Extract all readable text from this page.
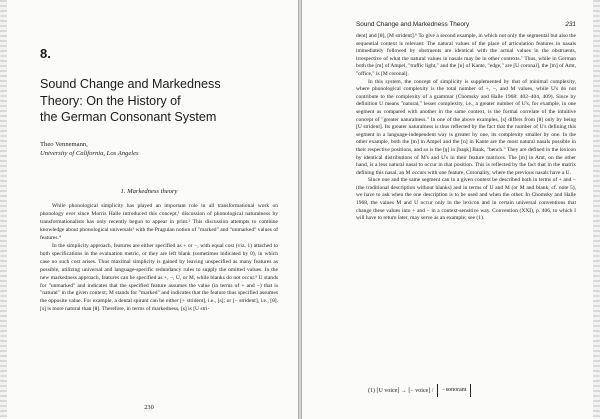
8.
Sound Change and Markedness
Theory: On the History of
the German Consonant System
Theo Vennemann,
University of California, Los Angeles
1. Markedness theory

While phonological simplicity has played an important role in all transformational work on phonology ever since Morris Halle introduced this concept,¹ discussion of phonological naturalness by transformationalists has only recently begun to appear in print.² This discussion attempts to combine knowledge about phonological universals³ with the Praguian notion of "marked" and "unmarked" values of features.⁴

In the simplicity approach, features are either specified as + or −, with equal cost (viz. 1) attached to both specifications in the evaluation metric, or they are left blank (sometimes indicated by 0), in which case no such cost arises. Thus maximal simplicity is gained by leaving unspecified as many features as possible, utilizing universal and language-specific redundancy rules to supply the omitted values. In the new markedness approach, features can be specified as +, −, U, or M, while blanks do not occur.⁵ U stands for "unmarked" and indicates that the specified feature assumes the value (in terms of + and −) that is "natural" in the given context; M stands for "marked" and indicates that the feature thus specified assumes the opposite value. For example, a dental spirant can be either [+ strident], i.e., [s]; or [− strident], i.e., [θ]. [s] is more natural than [θ]. Therefore, in terms of markedness, [s] is [U stri-

230
Sound Change and Markedness Theory	231

dent] and [θ], [M strident].⁶ To give a second example, in which not only the segmental but also the sequential context is relevant: The natural values of the place of articulation features in nasals immediately followed by obstruents are identical with the actual values in the obstruents, irrespective of what the natural values in nasals may be in other contexts.⁷ Thus, while in German both the [m] of Ampel, "traffic light," and the [n] of Kante, "edge," are [U coronal], the [m] of Amt, "office," is [M coronal].

In this system, the concept of simplicity is supplemented by that of minimal complexity, where phonological complexity is the total number of +, −, and M values, while U's do not contribute to the complexity of a grammar (Chomsky and Halle 1968: 402–404, 409). Since by definition U means "natural," lesser complexity, i.e., a greater number of U's, for example, in one segment as compared with another in the same context, is the formal correlate of the intuitive concept of "greater naturalness." In one of the above examples, [s] differs from [θ] only by being [U strident]. Its greater naturalness is thus reflected by the fact that the number of U's defining this segment in a language-independent way is greater by one, its complexity smaller by one. In the other example, both the [m] in Ampel and the [n] in Kante are the most natural nasals possible in their respective positions, and so is the [ŋ] in [baŋk] Bank, "bench." They are defined in the lexicon by identical distributions of M's and U's in their feature matrices. The [m] in Amt, on the other hand, is a less natural nasal to occur in that position. This is reflected by the fact that in the matrix defining this nasal, an M occurs with one feature, Coronality, where the previous nasals have a U.

Since one and the same segment can in a given context be described both in terms of + and − (the traditional description without blanks) and in terms of U and M (or M and blank, cf. note 5), we have to ask when the one description is to be used and when the other. In Chomsky and Halle 1968, the values M and U occur only in the lexicon and in certain universal conventions that change these values into + and − in a context-sensitive way. Convention (XXI), p. 406, to which I will have to return later, may serve as an example; see (1).

(1) [U voice] → [− voice] /	−sonorant
